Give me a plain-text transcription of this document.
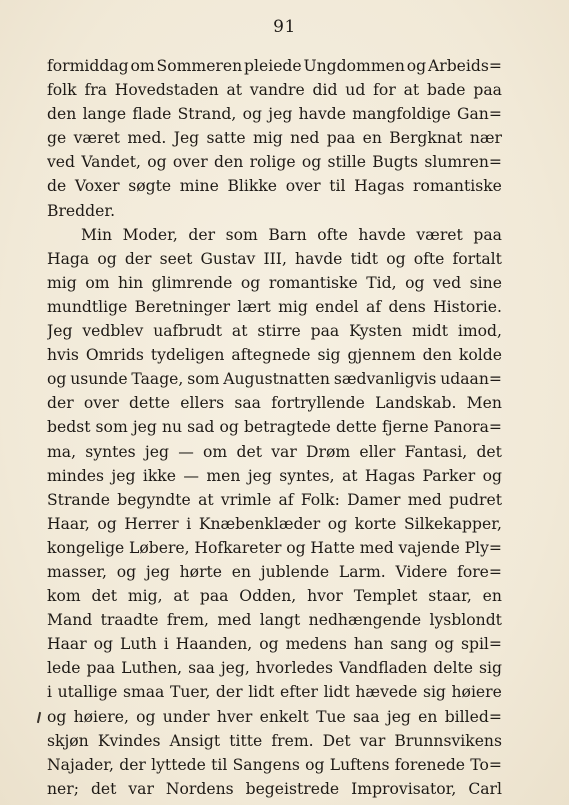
91
formiddag om Sommeren pleiede Ungdommen og Arbeids=
folk fra Hovedstaden at vandre did ud for at bade paa
den lange flade Strand, og jeg havde mangfoldige Gan=
ge været med. Jeg satte mig ned paa en Bergknat nær
ved Vandet, og over den rolige og stille Bugts slumren=
de Voxer søgte mine Blikke over til Hagas romantiske
Bredder.
Min Moder, der som Barn ofte havde været paa
Haga og der seet Gustav III, havde tidt og ofte fortalt
mig om hin glimrende og romantiske Tid, og ved sine
mundtlige Beretninger lært mig endel af dens Historie.
Jeg vedblev uafbrudt at stirre paa Kysten midt imod,
hvis Omrids tydeligen aftegnede sig gjennem den kolde
og usunde Taage, som Augustnatten sædvanligvis udaan=
der over dette ellers saa fortryllende Landskab. Men
bedst som jeg nu sad og betragtede dette fjerne Panora=
ma, syntes jeg — om det var Drøm eller Fantasi, det
mindes jeg ikke — men jeg syntes, at Hagas Parker og
Strande begyndte at vrimle af Folk: Damer med pudret
Haar, og Herrer i Knæbenklæder og korte Silkekapper,
kongelige Løbere, Hofkareter og Hatte med vajende Ply=
masser, og jeg hørte en jublende Larm. Videre fore=
kom det mig, at paa Odden, hvor Templet staar, en
Mand traadte frem, med langt nedhængende lysblondt
Haar og Luth i Haanden, og medens han sang og spil=
lede paa Luthen, saa jeg, hvorledes Vandfladen delte sig
i utallige smaa Tuer, der lidt efter lidt hævede sig høiere
og høiere, og under hver enkelt Tue saa jeg en billed=
skjøn Kvindes Ansigt titte frem. Det var Brunnsvikens
Najader, der lyttede til Sangens og Luftens forenede To=
ner; det var Nordens begeistrede Improvisator, Carl
